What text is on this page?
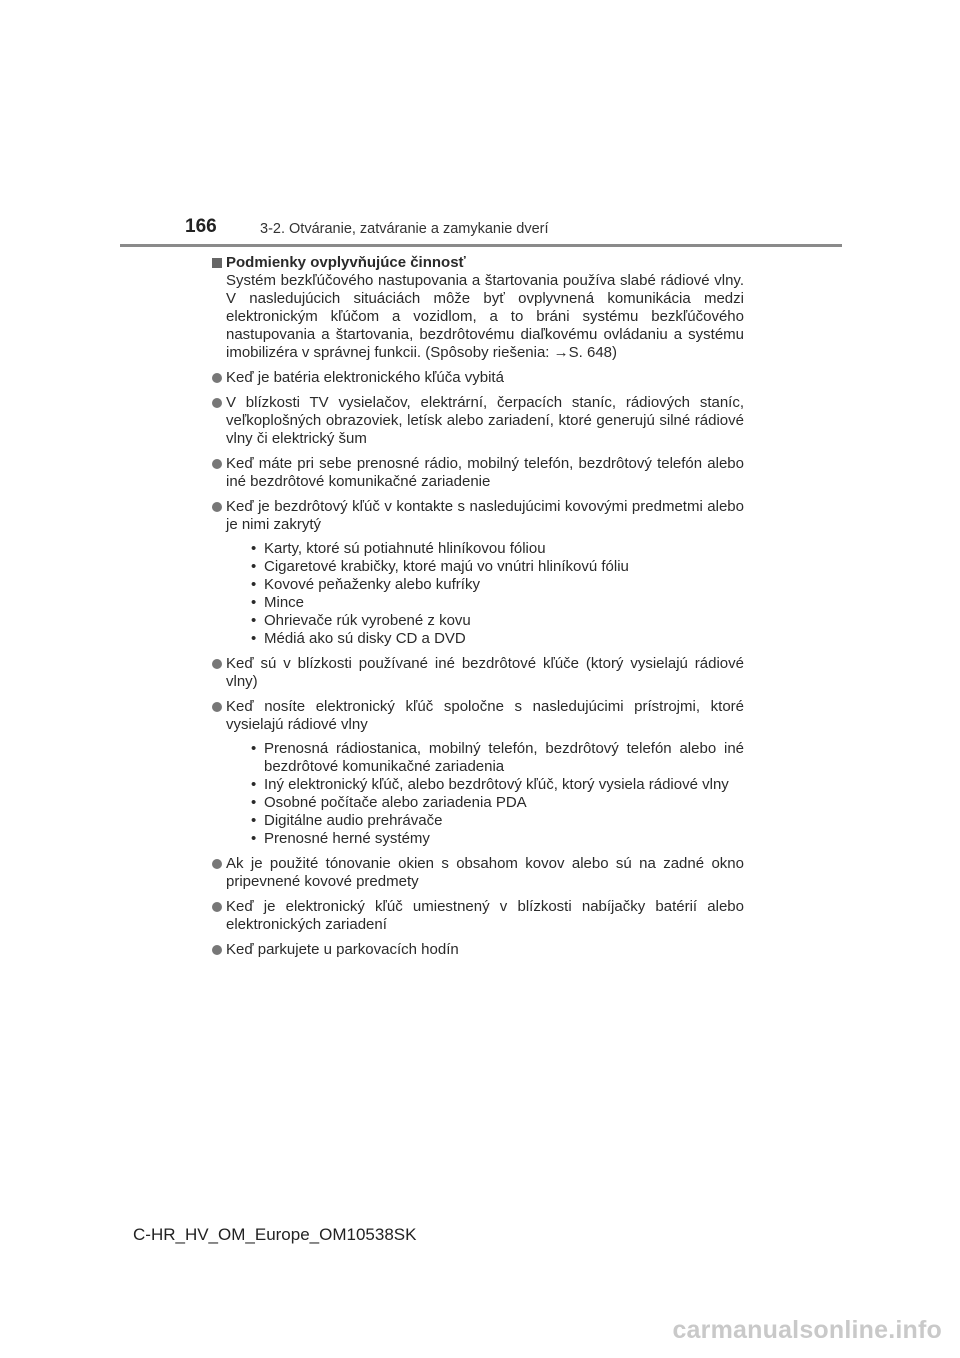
166	3-2. Otváranie, zatváranie a zamykanie dverí
Podmienky ovplyvňujúce činnosť
Systém bezkľúčového nastupovania a štartovania používa slabé rádiové vlny. V nasledujúcich situáciách môže byť ovplyvnená komunikácia medzi elektronickým kľúčom a vozidlom, a to bráni systému bezkľúčového nastupovania a štartovania, bezdrôtovému diaľkovému ovládaniu a systému imobilizéra v správnej funkcii. (Spôsoby riešenia: →S. 648)
Keď je batéria elektronického kľúča vybitá
V blízkosti TV vysielačov, elektrární, čerpacích staníc, rádiových staníc, veľkoplošných obrazoviek, letísk alebo zariadení, ktoré generujú silné rádiové vlny či elektrický šum
Keď máte pri sebe prenosné rádio, mobilný telefón, bezdrôtový telefón alebo iné bezdrôtové komunikačné zariadenie
Keď je bezdrôtový kľúč v kontakte s nasledujúcimi kovovými predmetmi alebo je nimi zakrytý
• Karty, ktoré sú potiahnuté hliníkovou fóliou
• Cigaretové krabičky, ktoré majú vo vnútri hliníkovú fóliu
• Kovové peňaženky alebo kufríky
• Mince
• Ohrievače rúk vyrobené z kovu
• Médiá ako sú disky CD a DVD
Keď sú v blízkosti používané iné bezdrôtové kľúče (ktorý vysielajú rádiové vlny)
Keď nosíte elektronický kľúč spoločne s nasledujúcimi prístrojmi, ktoré vysielajú rádiové vlny
• Prenosná rádiostanica, mobilný telefón, bezdrôtový telefón alebo iné bezdrôtové komunikačné zariadenia
• Iný elektronický kľúč, alebo bezdrôtový kľúč, ktorý vysiela rádiové vlny
• Osobné počítače alebo zariadenia PDA
• Digitálne audio prehrávače
• Prenosné herné systémy
Ak je použité tónovanie okien s obsahom kovov alebo sú na zadné okno pripevnené kovové predmety
Keď je elektronický kľúč umiestnený v blízkosti nabíjačky batérií alebo elektronických zariadení
Keď parkujete u parkovacích hodín
C-HR_HV_OM_Europe_OM10538SK
carmanualsonline.info
